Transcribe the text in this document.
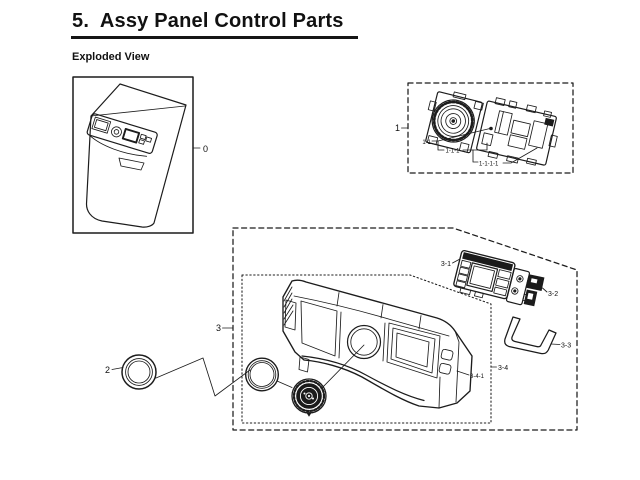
5.  Assy Panel Control Parts
Exploded View
0
1
1-1
1-1-1
1-1-1-1
3
3-4
3-4-1
2
3-1
3-2
3-3
